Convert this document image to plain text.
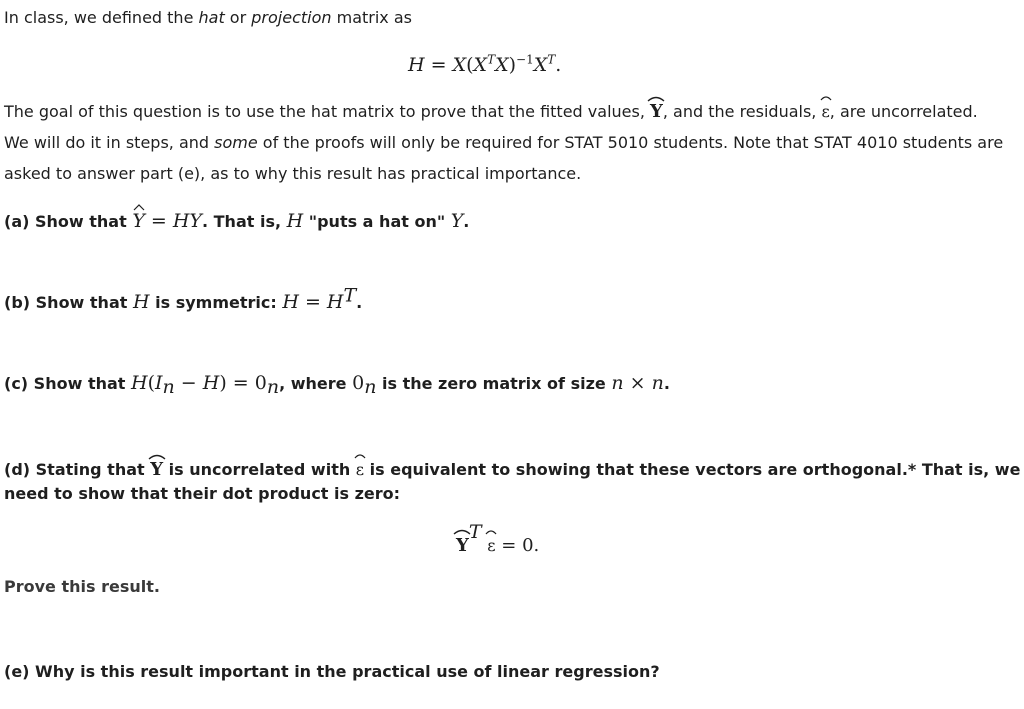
In class, we defined the hat or projection matrix as
$H = X(X^TX)^{-1}X^T$.
The goal of this question is to use the hat matrix to prove that the fitted values,
Y, and the residuals,
ε, are uncorrelated.
We will do it in steps, and some of the proofs will only be required for STAT 5010 students. Note that STAT 4010 students are
asked to answer part (e), as to why this result has practical importance.
(a) Show that
Y = HY. That is, H "puts a hat on" Y.
(b) Show that H is symmetric: $H = H^T$.
(c) Show that $H(I_n - H) = 0_n$, where $0_n$ is the zero matrix of size n × n.
(d) Stating that
Y is uncorrelated with
ε is equivalent to showing that these vectors are orthogonal.* That is, we
need to show that their dot product is zero:
$Y^T$
ε = 0.
Prove this result.
(e) Why is this result important in the practical use of linear regression?
